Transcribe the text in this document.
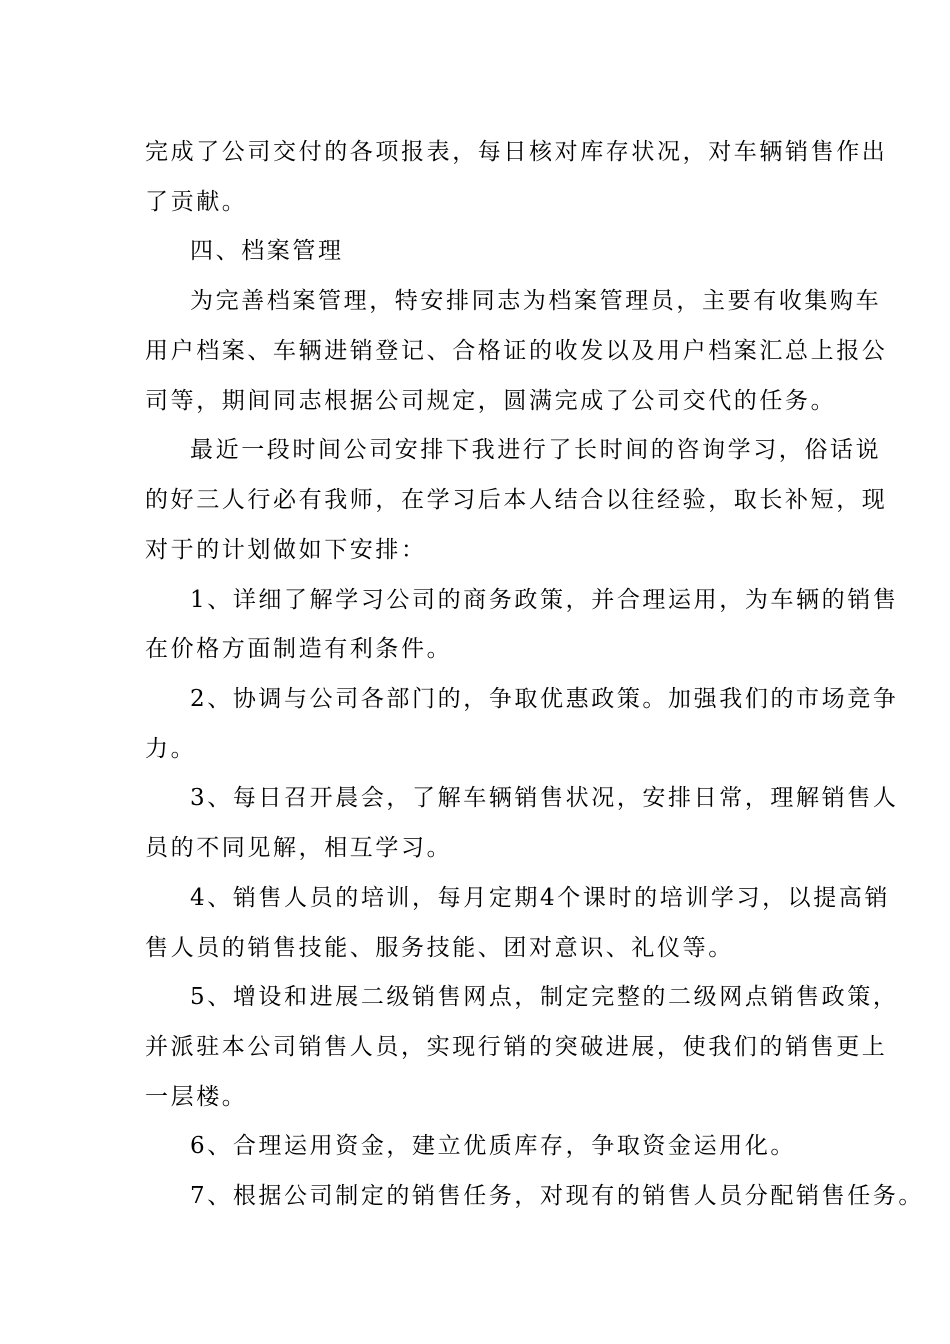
完成了公司交付的各项报表，每日核对库存状况，对车辆销售作出
了贡献。
四、档案管理
为完善档案管理，特安排同志为档案管理员，主要有收集购车
用户档案、车辆进销登记、合格证的收发以及用户档案汇总上报公
司等，期间同志根据公司规定，圆满完成了公司交代的任务。
最近一段时间公司安排下我进行了长时间的咨询学习，俗话说
的好三人行必有我师，在学习后本人结合以往经验，取长补短，现
对于的计划做如下安排：
1、详细了解学习公司的商务政策，并合理运用，为车辆的销售
在价格方面制造有利条件。
2、协调与公司各部门的，争取优惠政策。加强我们的市场竞争
力。
3、每日召开晨会，了解车辆销售状况，安排日常，理解销售人
员的不同见解，相互学习。
4、销售人员的培训，每月定期4个课时的培训学习，以提高销
售人员的销售技能、服务技能、团对意识、礼仪等。
5、增设和进展二级销售网点，制定完整的二级网点销售政策，
并派驻本公司销售人员，实现行销的突破进展，使我们的销售更上
一层楼。
6、合理运用资金，建立优质库存，争取资金运用化。
7、根据公司制定的销售任务，对现有的销售人员分配销售任务。
